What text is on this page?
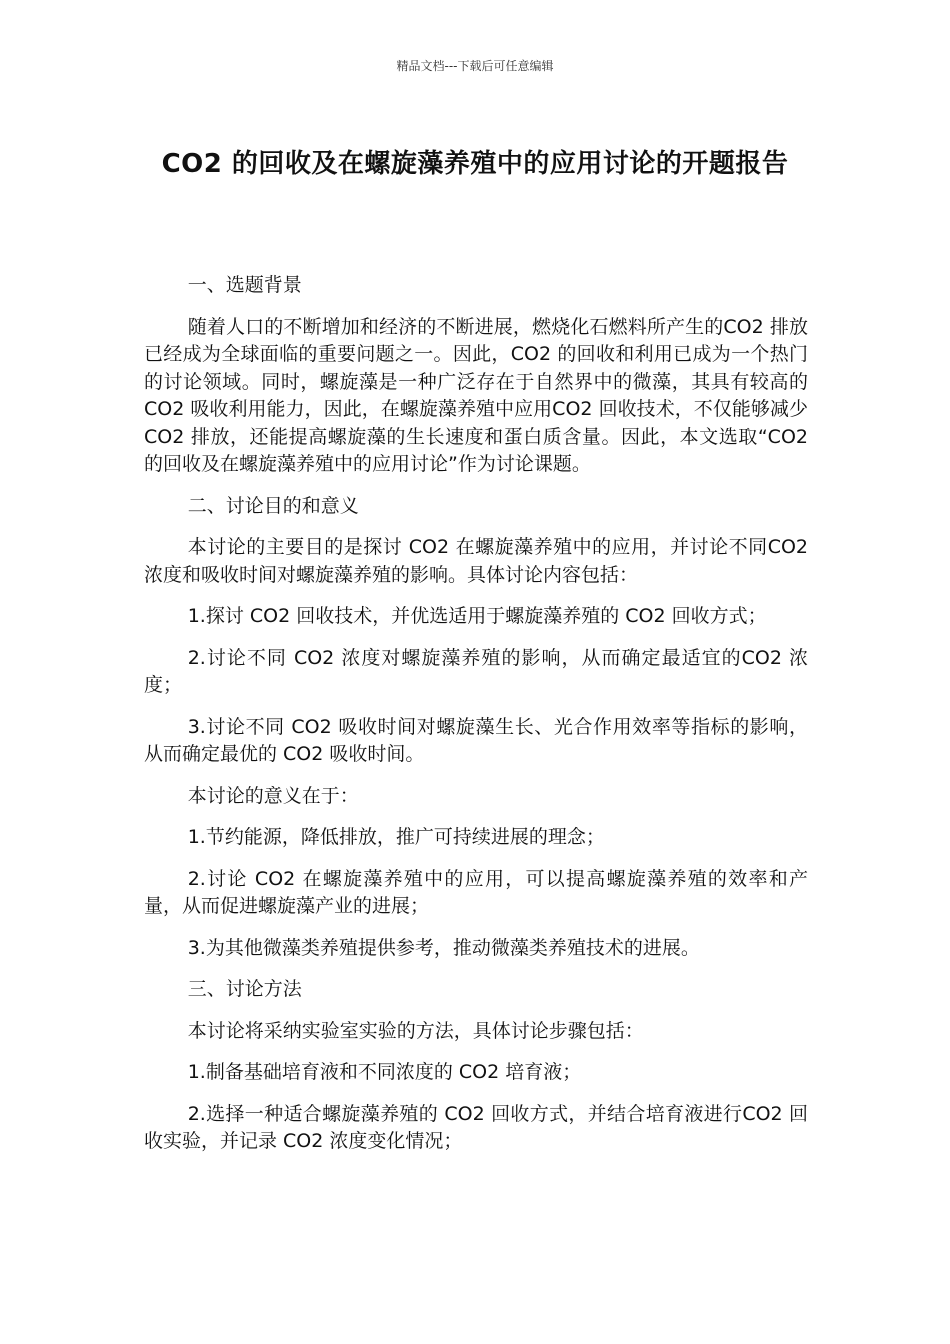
精品文档---下载后可任意编辑
CO2 的回收及在螺旋藻养殖中的应用讨论的开题报告

一、选题背景

随着人口的不断增加和经济的不断进展，燃烧化石燃料所产生的CO2 排放已经成为全球面临的重要问题之一。因此，CO2 的回收和利用已成为一个热门的讨论领域。同时，螺旋藻是一种广泛存在于自然界中的微藻，其具有较高的 CO2 吸收利用能力，因此，在螺旋藻养殖中应用CO2 回收技术，不仅能够减少 CO2 排放，还能提高螺旋藻的生长速度和蛋白质含量。因此，本文选取“CO2 的回收及在螺旋藻养殖中的应用讨论”作为讨论课题。

二、讨论目的和意义

本讨论的主要目的是探讨 CO2 在螺旋藻养殖中的应用，并讨论不同CO2 浓度和吸收时间对螺旋藻养殖的影响。具体讨论内容包括：

1.探讨 CO2 回收技术，并优选适用于螺旋藻养殖的 CO2 回收方式；

2.讨论不同 CO2 浓度对螺旋藻养殖的影响，从而确定最适宜的CO2 浓度；

3.讨论不同 CO2 吸收时间对螺旋藻生长、光合作用效率等指标的影响，从而确定最优的 CO2 吸收时间。

本讨论的意义在于：

1.节约能源，降低排放，推广可持续进展的理念；

2.讨论 CO2 在螺旋藻养殖中的应用，可以提高螺旋藻养殖的效率和产量，从而促进螺旋藻产业的进展；

3.为其他微藻类养殖提供参考，推动微藻类养殖技术的进展。

三、讨论方法

本讨论将采纳实验室实验的方法，具体讨论步骤包括：

1.制备基础培育液和不同浓度的 CO2 培育液；

2.选择一种适合螺旋藻养殖的 CO2 回收方式，并结合培育液进行CO2 回收实验，并记录 CO2 浓度变化情况；
